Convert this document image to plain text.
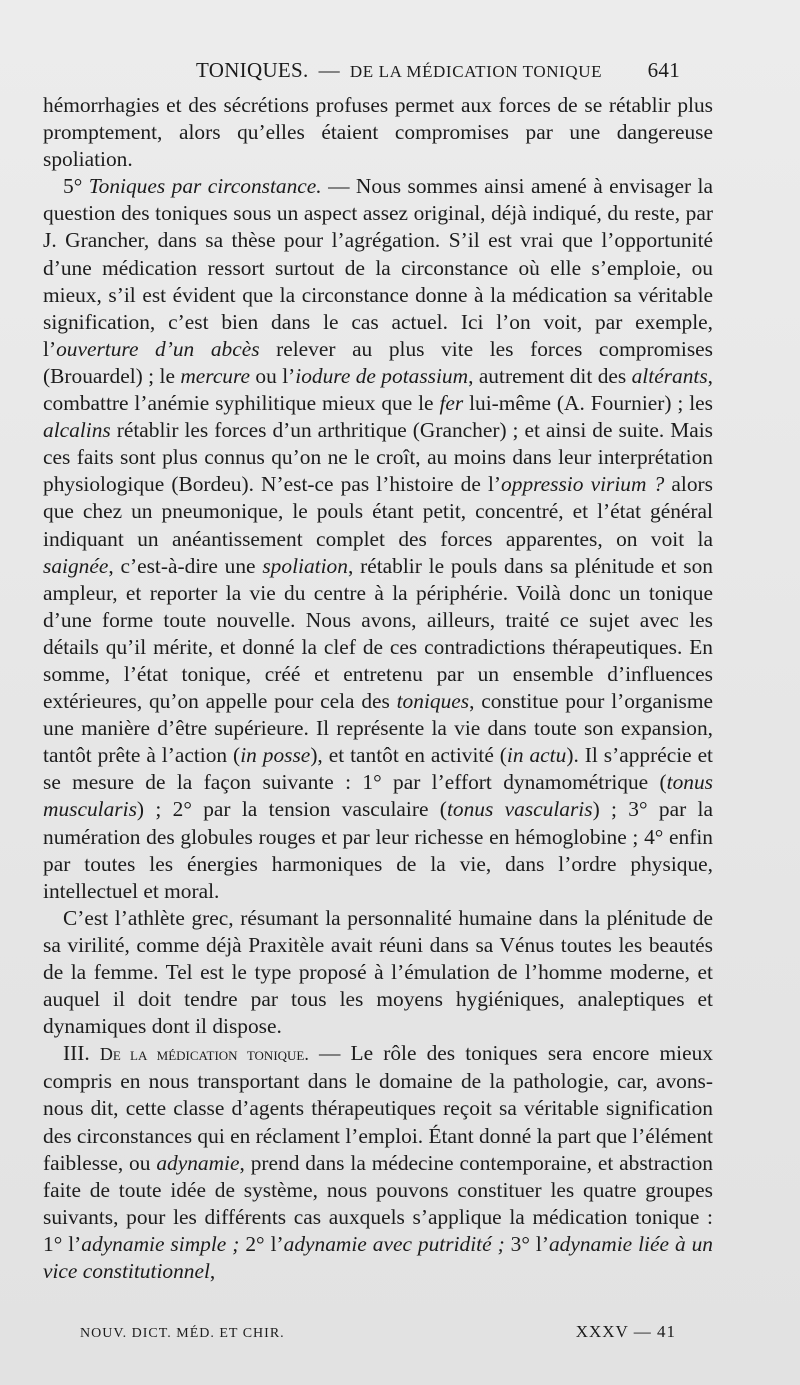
TONIQUES. — DE LA MÉDICATION TONIQUE 641

hémorrhagies et des sécrétions profuses permet aux forces de se rétablir plus promptement, alors qu’elles étaient compromises par une dangereuse spoliation.

5° Toniques par circonstance. — Nous sommes ainsi amené à envisager la question des toniques sous un aspect assez original, déjà indiqué, du reste, par J. Grancher, dans sa thèse pour l’agrégation. S’il est vrai que l’opportunité d’une médication ressort surtout de la circonstance où elle s’emploie, ou mieux, s’il est évident que la circonstance donne à la médication sa véritable signification, c’est bien dans le cas actuel. Ici l’on voit, par exemple, l’ouverture d’un abcès relever au plus vite les forces compromises (Brouardel) ; le mercure ou l’iodure de potassium, autrement dit des altérants, combattre l’anémie syphilitique mieux que le fer lui-même (A. Fournier) ; les alcalins rétablir les forces d’un arthritique (Grancher) ; et ainsi de suite. Mais ces faits sont plus connus qu’on ne le croît, au moins dans leur interprétation physiologique (Bordeu). N’est-ce pas l’histoire de l’oppressio virium ? alors que chez un pneumonique, le pouls étant petit, concentré, et l’état général indiquant un anéantissement complet des forces apparentes, on voit la saignée, c’est-à-dire une spoliation, rétablir le pouls dans sa plénitude et son ampleur, et reporter la vie du centre à la périphérie. Voilà donc un tonique d’une forme toute nouvelle. Nous avons, ailleurs, traité ce sujet avec les détails qu’il mérite, et donné la clef de ces contradictions thérapeutiques. En somme, l’état tonique, créé et entretenu par un ensemble d’influences extérieures, qu’on appelle pour cela des toniques, constitue pour l’organisme une manière d’être supérieure. Il représente la vie dans toute son expansion, tantôt prête à l’action (in posse), et tantôt en activité (in actu). Il s’apprécie et se mesure de la façon suivante : 1° par l’effort dynamométrique (tonus muscularis) ; 2° par la tension vasculaire (tonus vascularis) ; 3° par la numération des globules rouges et par leur richesse en hémoglobine ; 4° enfin par toutes les énergies harmoniques de la vie, dans l’ordre physique, intellectuel et moral.

C’est l’athlète grec, résumant la personnalité humaine dans la plénitude de sa virilité, comme déjà Praxitèle avait réuni dans sa Vénus toutes les beautés de la femme. Tel est le type proposé à l’émulation de l’homme moderne, et auquel il doit tendre par tous les moyens hygiéniques, analeptiques et dynamiques dont il dispose.

III. De la médication tonique. — Le rôle des toniques sera encore mieux compris en nous transportant dans le domaine de la pathologie, car, avons-nous dit, cette classe d’agents thérapeutiques reçoit sa véritable signification des circonstances qui en réclament l’emploi. Étant donné la part que l’élément faiblesse, ou adynamie, prend dans la médecine contemporaine, et abstraction faite de toute idée de système, nous pouvons constituer les quatre groupes suivants, pour les différents cas auxquels s’applique la médication tonique : 1° l’adynamie simple ; 2° l’adynamie avec putridité ; 3° l’adynamie liée à un vice constitutionnel,

NOUV. DICT. MÉD. ET CHIR.	XXXV — 41
